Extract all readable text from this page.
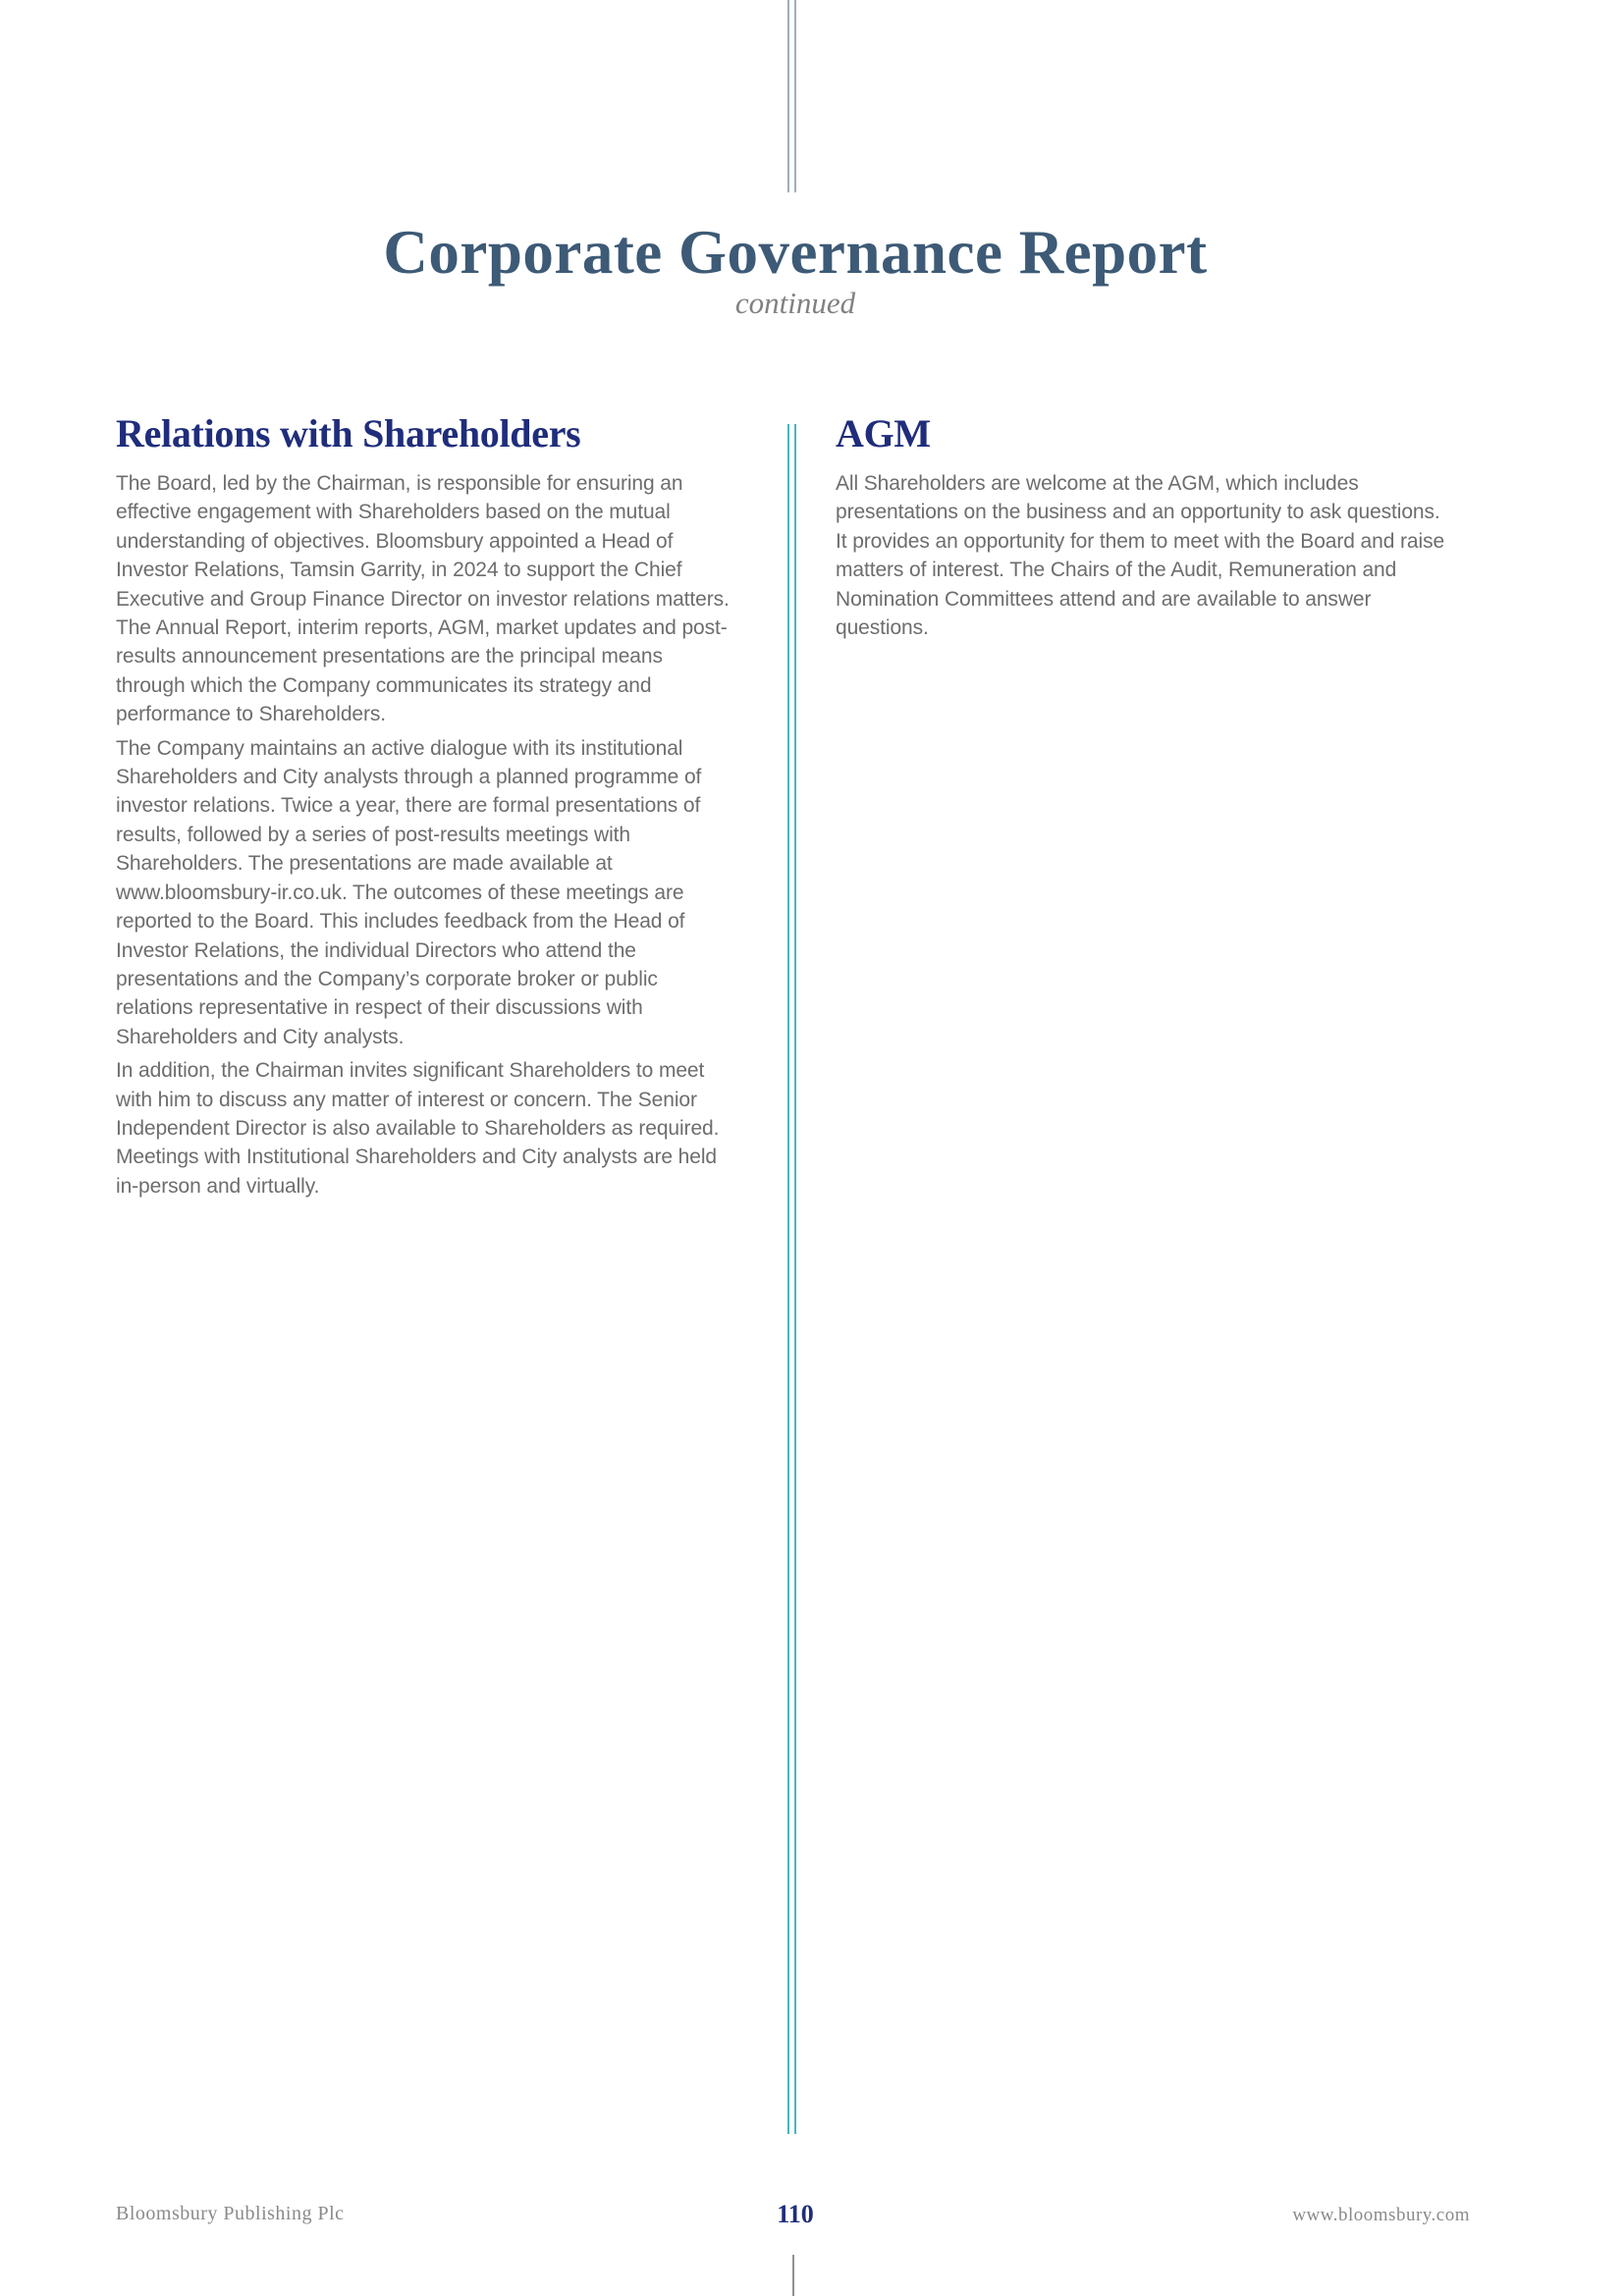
Corporate Governance Report
continued
Relations with Shareholders

The Board, led by the Chairman, is responsible for ensuring an effective engagement with Shareholders based on the mutual understanding of objectives. Bloomsbury appointed a Head of Investor Relations, Tamsin Garrity, in 2024 to support the Chief Executive and Group Finance Director on investor relations matters. The Annual Report, interim reports, AGM, market updates and post-results announcement presentations are the principal means through which the Company communicates its strategy and performance to Shareholders.

The Company maintains an active dialogue with its institutional Shareholders and City analysts through a planned programme of investor relations. Twice a year, there are formal presentations of results, followed by a series of post-results meetings with Shareholders. The presentations are made available at www.bloomsbury-ir.co.uk. The outcomes of these meetings are reported to the Board. This includes feedback from the Head of Investor Relations, the individual Directors who attend the presentations and the Company’s corporate broker or public relations representative in respect of their discussions with Shareholders and City analysts.

In addition, the Chairman invites significant Shareholders to meet with him to discuss any matter of interest or concern. The Senior Independent Director is also available to Shareholders as required. Meetings with Institutional Shareholders and City analysts are held in-person and virtually.

AGM

All Shareholders are welcome at the AGM, which includes presentations on the business and an opportunity to ask questions. It provides an opportunity for them to meet with the Board and raise matters of interest. The Chairs of the Audit, Remuneration and Nomination Committees attend and are available to answer questions.

Bloomsbury Publishing Plc	110	www.bloomsbury.com
